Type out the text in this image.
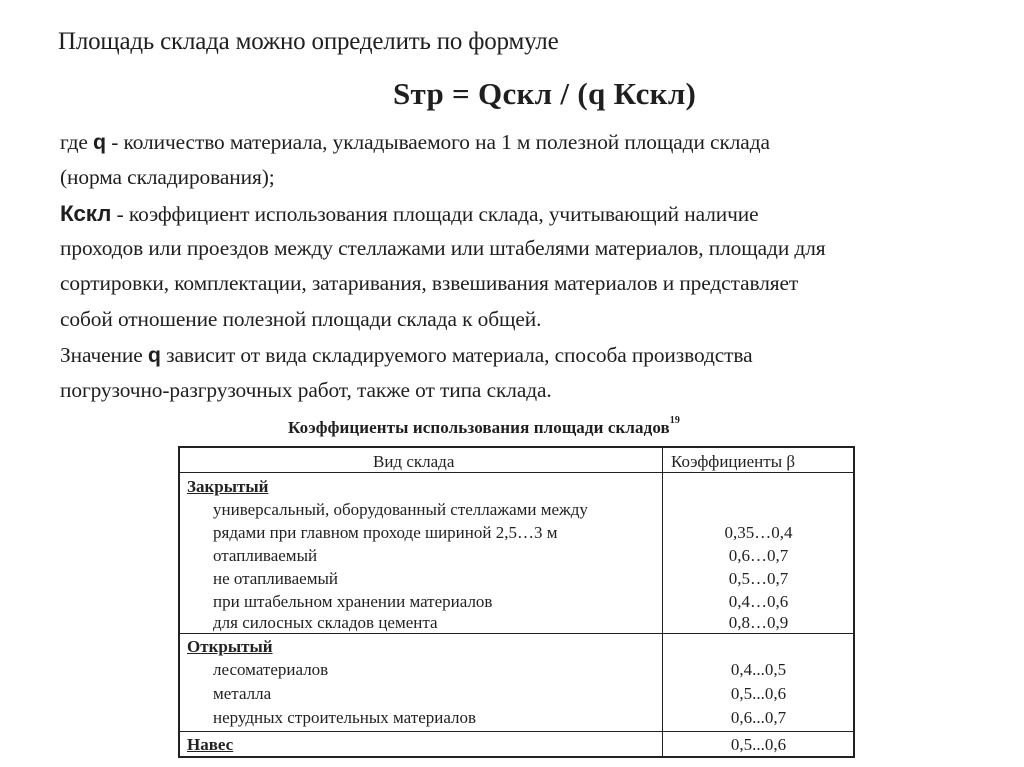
Площадь склада можно определить по формуле
Sтр = Qскл / (q Кскл)
где q - количество материала, укладываемого на 1 м полезной площади склада
(норма складирования);
Кскл - коэффициент использования площади склада, учитывающий наличие
проходов или проездов между стеллажами или штабелями материалов, площади для
сортировки, комплектации, затаривания, взвешивания материалов и представляет
собой отношение полезной площади склада к общей.
Значение q зависит от вида складируемого материала, способа производства
погрузочно-разгрузочных работ, также от типа склада.
Коэффициенты использования площади складов$^{19}$
Вид склада	Коэффициенты β
Закрытый
универсальный, оборудованный стеллажами между
рядами при главном проходе шириной 2,5…3 м	0,35…0,4
отапливаемый	0,6…0,7
не отапливаемый	0,5…0,7
при штабельном хранении материалов	0,4…0,6
для силосных складов цемента	0,8…0,9
Открытый
лесоматериалов	0,4...0,5
металла	0,5...0,6
нерудных строительных материалов	0,6...0,7
Навес	0,5...0,6
